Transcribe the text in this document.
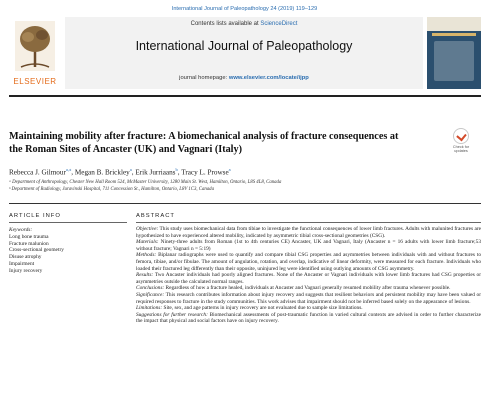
International Journal of Paleopathology 24 (2019) 119–129
ELSEVIER
Contents lists available at ScienceDirect
International Journal of Paleopathology
journal homepage: www.elsevier.com/locate/ijpp
Maintaining mobility after fracture: A biomechanical analysis of fracture consequences at the Roman Sites of Ancaster (UK) and Vagnari (Italy)	Check for updates
Rebecca J. Gilmour$^{a,⁎}$, Megan B. Brickley$^a$, Erik Jurriaans$^b$, Tracy L. Prowse$^a$
ᵃ Department of Anthropology, Chester New Hall Room 524, McMaster University, 1280 Main St. West, Hamilton, Ontario, L8S 4L8, Canada
ᵇ Department of Radiology, Juravinski Hospital, 711 Concession St., Hamilton, Ontario, L8V 1C3, Canada
ARTICLE INFO	ABSTRACT
Keywords:
Long bone trauma
Fracture malunion
Cross-sectional geometry
Disuse atrophy
Impairment
Injury recovery

Objective: This study uses biomechanical data from tibiae to investigate the functional consequences of lower limb fractures. Adults with malunited fractures are hypothesized to have experienced altered mobility, indicated by asymmetric tibial cross-sectional geometries (CSG).

Materials: Ninety-three adults from Roman (1st to 4th centuries CE) Ancaster, UK and Vagnari, Italy (Ancaster n = 16 adults with lower limb fracture;53 without fracture; Vagnari n = 5:19)

Methods: Biplanar radiographs were used to quantify and compare tibial CSG properties and asymmetries between individuals with and without fractures to femora, tibiae, and/or fibulae. The amount of angulation, rotation, and overlap, indicative of linear deformity, were measured for each fracture. Individuals who loaded their fractured leg differently than their opposite, uninjured leg were identified using outlying amounts of CSG asymmetry.

Results: Two Ancaster individuals had poorly aligned fractures. None of the Ancaster or Vagnari individuals with lower limb fractures had CSG properties or asymmetries outside the calculated normal ranges.

Conclusions: Regardless of how a fracture healed, individuals at Ancaster and Vagnari generally resumed mobility after trauma whenever possible.

Significance: This research contributes information about injury recovery and suggests that resilient behaviors and persistent mobility may have been valued or required responses to fracture in the study communities. This work advises that impairment should not be inferred based solely on the appearance of lesions.

Limitations: Site, sex, and age patterns in injury recovery are not evaluated due to sample size limitations.

Suggestions for further research: Biomechanical assessments of post-traumatic function in varied cultural contexts are advised in order to further characterize the impact that physical and social factors have on injury recovery.
